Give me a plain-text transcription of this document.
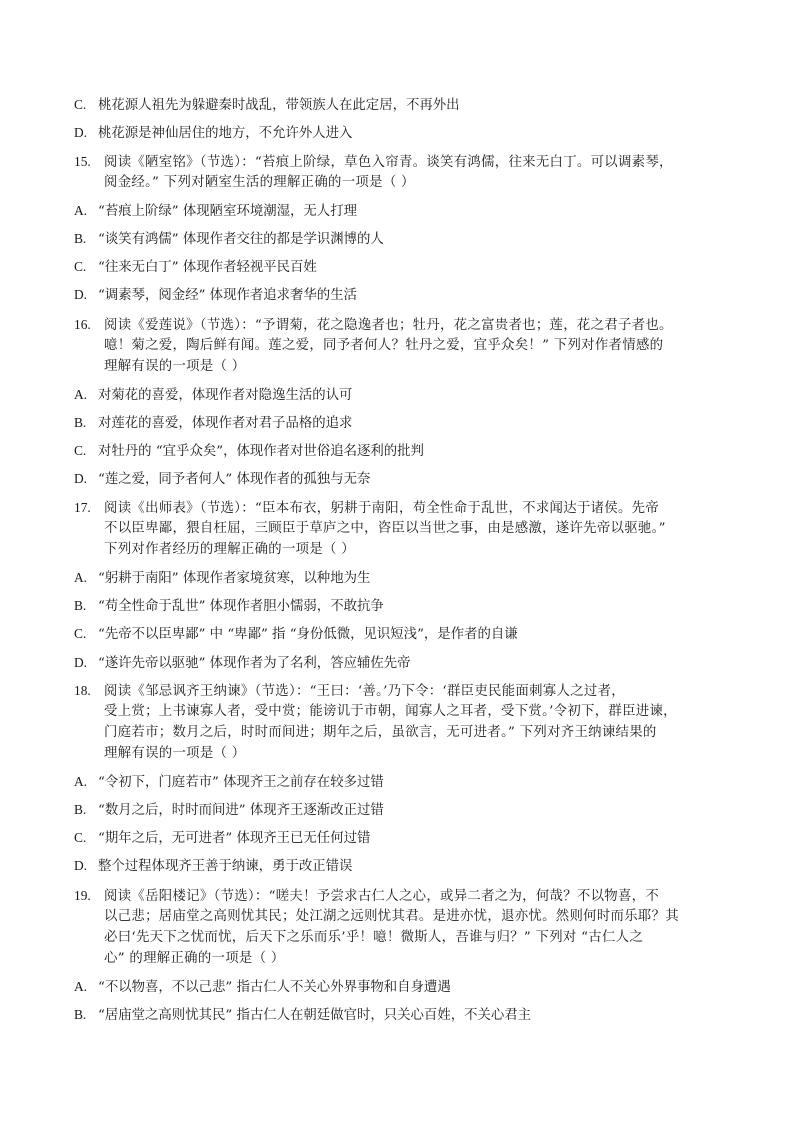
C. 桃花源人祖先为躲避秦时战乱，带领族人在此定居，不再外出
D. 桃花源是神仙居住的地方，不允许外人进入
15.阅读《陋室铭》（节选）：“苔痕上阶绿，草色入帘青。谈笑有鸿儒，往来无白丁。可以调素琴，
阅金经。” 下列对陋室生活的理解正确的一项是（ ）
A. “苔痕上阶绿” 体现陋室环境潮湿，无人打理
B. “谈笑有鸿儒” 体现作者交往的都是学识渊博的人
C. “往来无白丁” 体现作者轻视平民百姓
D. “调素琴，阅金经” 体现作者追求奢华的生活
16.阅读《爱莲说》（节选）：“予谓菊，花之隐逸者也；牡丹，花之富贵者也；莲，花之君子者也。
噫！菊之爱，陶后鲜有闻。莲之爱，同予者何人？牡丹之爱，宜乎众矣！” 下列对作者情感的
理解有误的一项是（ ）
A. 对菊花的喜爱，体现作者对隐逸生活的认可
B. 对莲花的喜爱，体现作者对君子品格的追求
C. 对牡丹的 “宜乎众矣”，体现作者对世俗追名逐利的批判
D. “莲之爱，同予者何人” 体现作者的孤独与无奈
17.阅读《出师表》（节选）：“臣本布衣，躬耕于南阳，苟全性命于乱世，不求闻达于诸侯。先帝
不以臣卑鄙，猥自枉屈，三顾臣于草庐之中，咨臣以当世之事，由是感激，遂许先帝以驱驰。”
下列对作者经历的理解正确的一项是（ ）
A. “躬耕于南阳” 体现作者家境贫寒，以种地为生
B. “苟全性命于乱世” 体现作者胆小懦弱，不敢抗争
C. “先帝不以臣卑鄙” 中 “卑鄙” 指 “身份低微，见识短浅”，是作者的自谦
D. “遂许先帝以驱驰” 体现作者为了名利，答应辅佐先帝
18.阅读《邹忌讽齐王纳谏》（节选）：“王曰：‘善。’乃下令：‘群臣吏民能面刺寡人之过者，
受上赏；上书谏寡人者，受中赏；能谤讥于市朝，闻寡人之耳者，受下赏。’令初下，群臣进谏，
门庭若市；数月之后，时时而间进；期年之后，虽欲言，无可进者。” 下列对齐王纳谏结果的
理解有误的一项是（ ）
A. “令初下，门庭若市” 体现齐王之前存在较多过错
B. “数月之后，时时而间进” 体现齐王逐渐改正过错
C. “期年之后，无可进者” 体现齐王已无任何过错
D. 整个过程体现齐王善于纳谏，勇于改正错误
19.阅读《岳阳楼记》（节选）：“嗟夫！予尝求古仁人之心，或异二者之为，何哉？不以物喜，不
以己悲；居庙堂之高则忧其民；处江湖之远则忧其君。是进亦忧，退亦忧。然则何时而乐耶？其
必曰‘先天下之忧而忧，后天下之乐而乐’乎！噫！微斯人，吾谁与归？” 下列对 “古仁人之
心” 的理解正确的一项是（ ）
A. “不以物喜，不以己悲” 指古仁人不关心外界事物和自身遭遇
B. “居庙堂之高则忧其民” 指古仁人在朝廷做官时，只关心百姓，不关心君主
